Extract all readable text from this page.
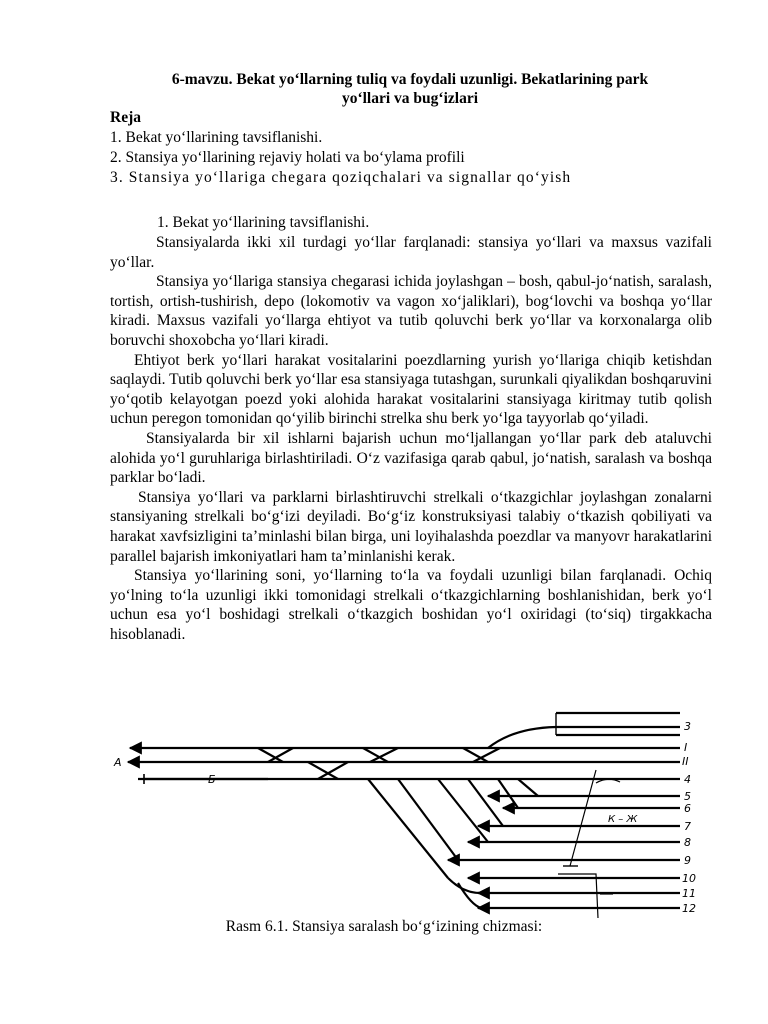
6-mavzu. Bekat yo‘llarning tuliq va foydali uzunligi. Bekatlarining park
yo‘llari va bug‘izlari
Reja
1. Bekat yo‘llarining tavsiflanishi.
2. Stansiya yo‘llarining rejaviy holati va bo‘ylama profili
3. Stansiya yo‘llariga chegara qoziqchalari va signallar qo‘yish
1. Bekat yo‘llarining tavsiflanishi.

Stansiyalarda ikki xil turdagi yo‘llar farqlanadi: stansiya yo‘llari va maxsus vazifali yo‘llar.

Stansiya yo‘llariga stansiya chegarasi ichida joylashgan – bosh, qabul-jo‘natish, saralash, tortish, ortish-tushirish, depo (lokomotiv va vagon xo‘jaliklari), bog‘lovchi va boshqa yo‘llar kiradi. Maxsus vazifali yo‘llarga ehtiyot va tutib qoluvchi berk yo‘llar va korxonalarga olib boruvchi shoxobcha yo‘llari kiradi.

Ehtiyot berk yo‘llari harakat vositalarini poezdlarning yurish yo‘llariga chiqib ketishdan saqlaydi. Tutib qoluvchi berk yo‘llar esa stansiyaga tutashgan, surunkali qiyalikdan boshqaruvini yo‘qotib kelayotgan poezd yoki alohida harakat vositalarini stansiyaga kiritmay tutib qolish uchun peregon tomonidan qo‘yilib birinchi strelka shu berk yo‘lga tayyorlab qo‘yiladi.

Stansiyalarda bir xil ishlarni bajarish uchun mo‘ljallangan yo‘llar park deb ataluvchi alohida yo‘l guruhlariga birlashtiriladi. O‘z vazifasiga qarab qabul, jo‘natish, saralash va boshqa parklar bo‘ladi.

Stansiya yo‘llari va parklarni birlashtiruvchi strelkali o‘tkazgichlar joylashgan zonalarni stansiyaning strelkali bo‘g‘izi deyiladi. Bo‘g‘iz konstruksiyasi talabiy o‘tkazish qobiliyati va harakat xavfsizligini ta’minlashi bilan birga, uni loyihalashda poezdlar va manyovr harakatlarini parallel bajarish imkoniyatlari ham ta’minlanishi kerak.

Stansiya yo‘llarining soni, yo‘llarning to‘la va foydali uzunligi bilan farqlanadi. Ochiq yo‘lning to‘la uzunligi ikki tomonidagi strelkali o‘tkazgichlarning boshlanishidan, berk yo‘l uchun esa yo‘l boshidagi strelkali o‘tkazgich boshidan yo‘l oxiridagi (to‘siq) tirgakkacha hisoblanadi.

A
Б
3
I
II
4
5
6
7
8
9
10
11
12
К – Ж
Rasm 6.1. Stansiya saralash bo‘g‘izining chizmasi:
